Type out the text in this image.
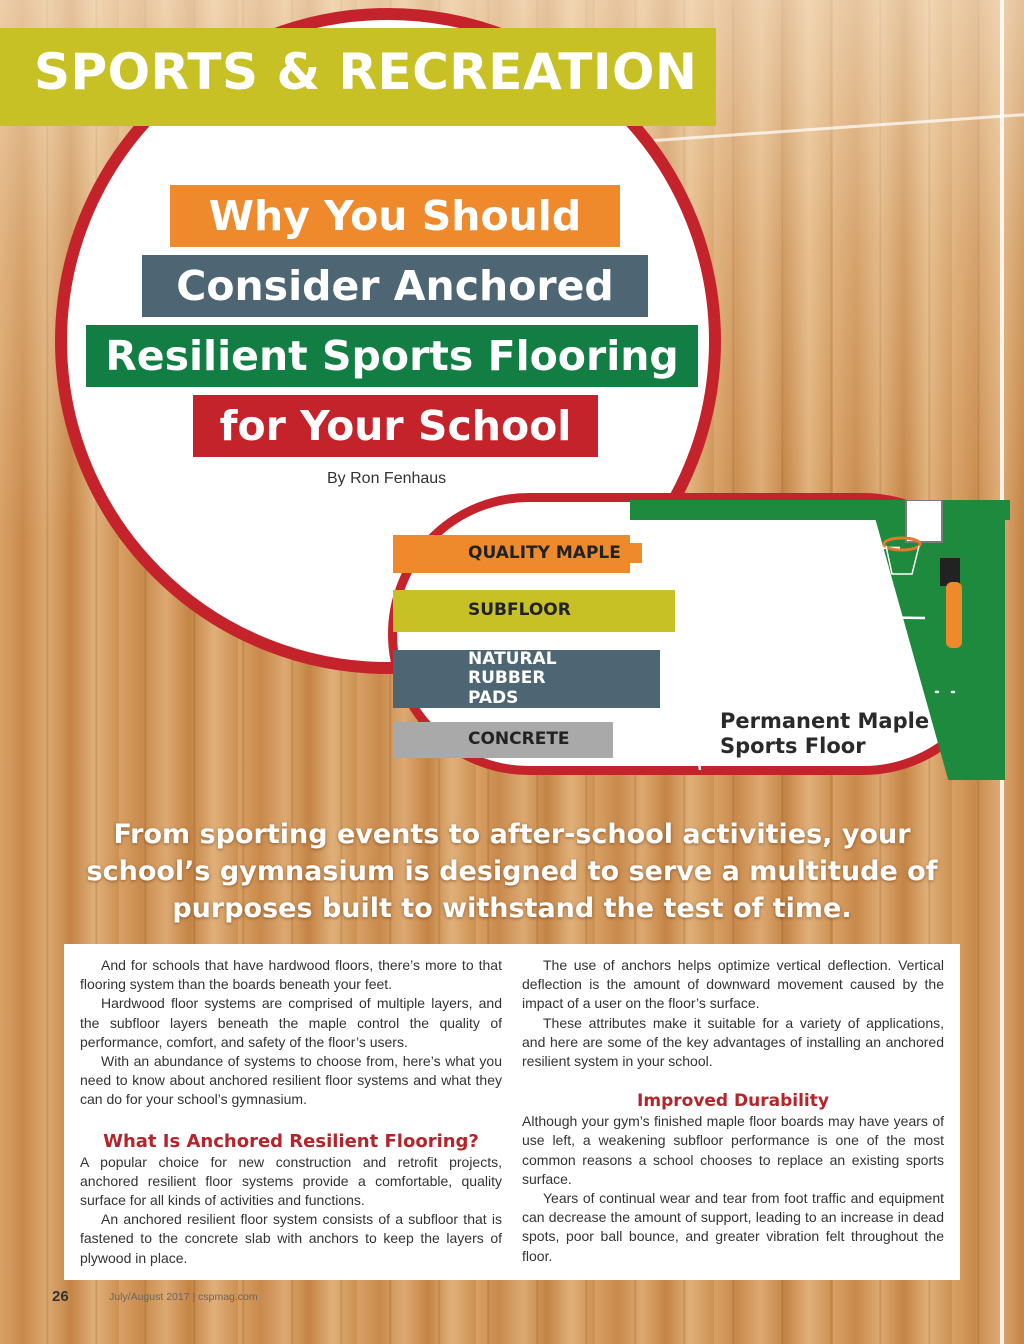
SPORTS & RECREATION
Why You Should
Consider Anchored
Resilient Sports Flooring
for Your School
By Ron Fenhaus
QUALITY MAPLE
SUBFLOOR
NATURAL RUBBER PADS
CONCRETE
Permanent Maple
Sports Floor
From sporting events to after-school activities, your school’s gymnasium is designed to serve a multitude of purposes built to withstand the test of time.

And for schools that have hardwood floors, there’s more to that flooring system than the boards beneath your feet.

Hardwood floor systems are comprised of multiple layers, and the subfloor layers beneath the maple control the quality of performance, comfort, and safety of the floor’s users.

With an abundance of systems to choose from, here’s what you need to know about anchored resilient floor systems and what they can do for your school’s gymnasium.

What Is Anchored Resilient Flooring?

A popular choice for new construction and retrofit projects, anchored resilient floor systems provide a comfortable, quality surface for all kinds of activities and functions.

An anchored resilient floor system consists of a subfloor that is fastened to the concrete slab with anchors to keep the layers of plywood in place.

The use of anchors helps optimize vertical deflection. Vertical deflection is the amount of downward movement caused by the impact of a user on the floor’s surface.

These attributes make it suitable for a variety of applications, and here are some of the key advantages of installing an anchored resilient system in your school.

Improved Durability

Although your gym’s finished maple floor boards may have years of use left, a weakening subfloor performance is one of the most common reasons a school chooses to replace an existing sports surface.

Years of continual wear and tear from foot traffic and equipment can decrease the amount of support, leading to an increase in dead spots, poor ball bounce, and greater vibration felt throughout the floor.

26	July/August 2017 | cspmag.com
